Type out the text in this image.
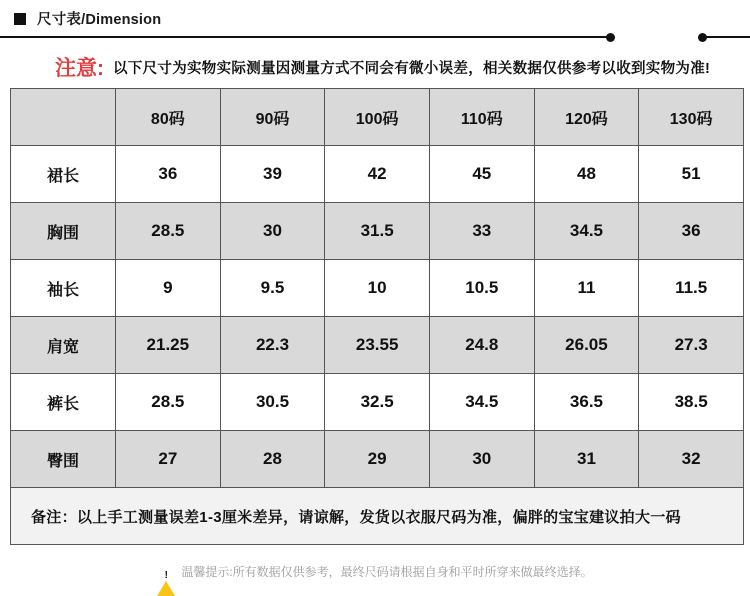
尺寸表/Dimension
注意: 以下尺寸为实物实际测量因测量方式不同会有微小误差，相关数据仅供参考以收到实物为准!
	80码	90码	100码	110码	120码	130码
裙长	36	39	42	45	48	51
胸围	28.5	30	31.5	33	34.5	36
袖长	9	9.5	10	10.5	11	11.5
肩宽	21.25	22.3	23.55	24.8	26.05	27.3
裤长	28.5	30.5	32.5	34.5	36.5	38.5
臀围	27	28	29	30	31	32
备注：以上手工测量误差1-3厘米差异，请谅解，发货以衣服尺码为准，偏胖的宝宝建议拍大一码						
!	温馨提示:所有数据仅供参考，最终尺码请根据自身和平时所穿来做最终选择。
